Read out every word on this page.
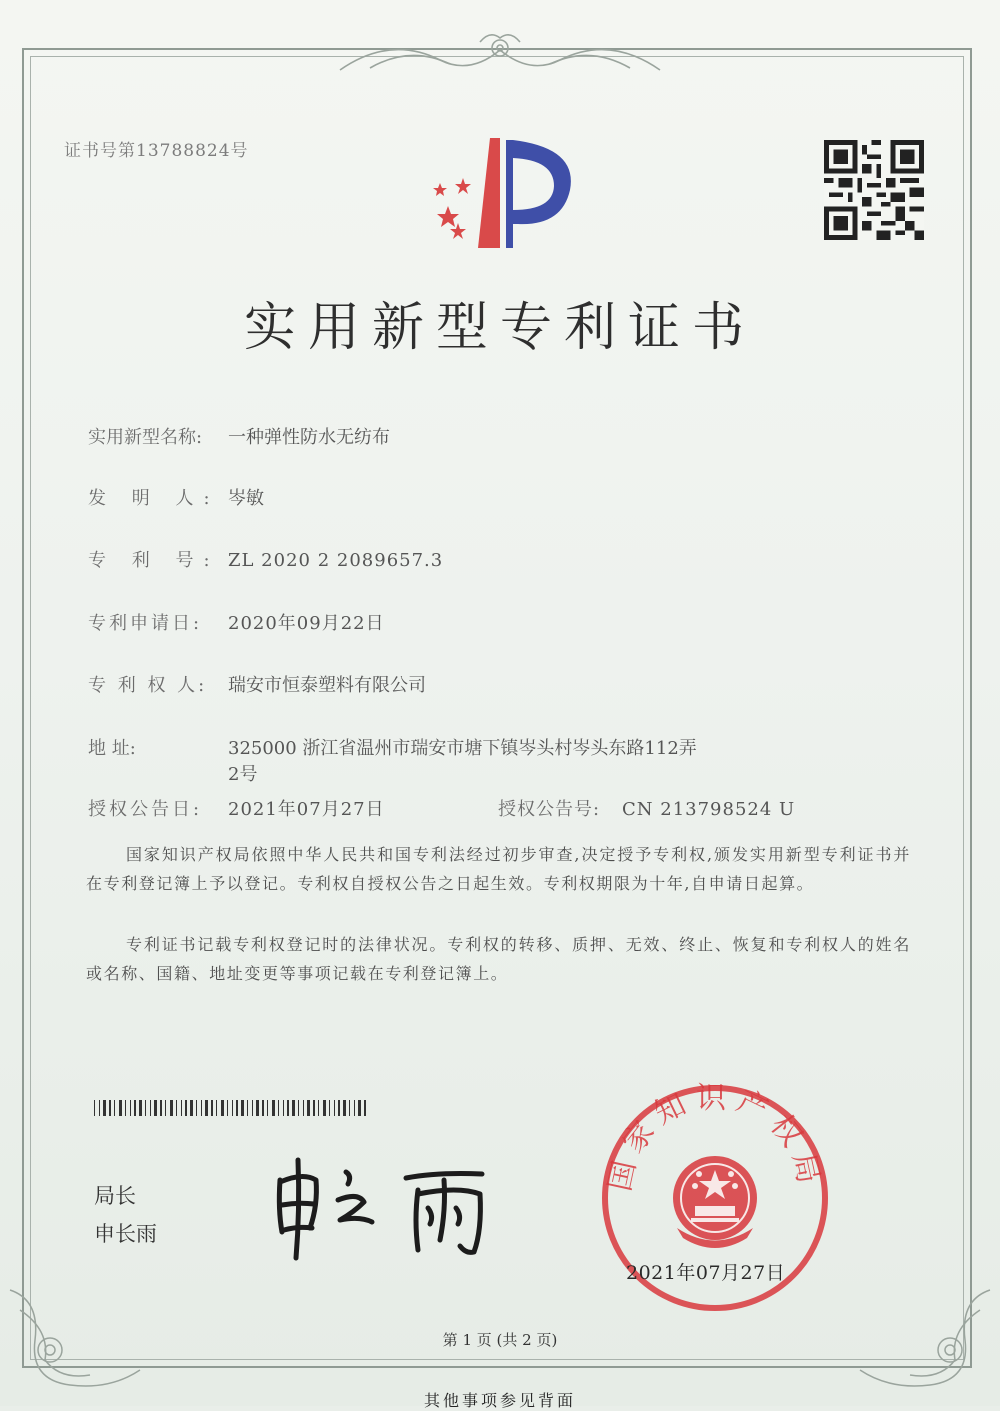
证书号第13788824号
实用新型专利证书
实用新型名称: 一种弹性防水无纺布
发 明 人: 岑敏
专 利 号: ZL 2020 2 2089657.3
专利申请日: 2020年09月22日
专 利 权 人: 瑞安市恒泰塑料有限公司
地 址:	325000 浙江省温州市瑞安市塘下镇岑头村岑头东路112弄
2号
授权公告日: 2021年07月27日	授权公告号: CN 213798524 U
国家知识产权局依照中华人民共和国专利法经过初步审查,决定授予专利权,颁发实用新型专利证书并在专利登记簿上予以登记。专利权自授权公告之日起生效。专利权期限为十年,自申请日起算。
专利证书记载专利权登记时的法律状况。专利权的转移、质押、无效、终止、恢复和专利权人的姓名或名称、国籍、地址变更等事项记载在专利登记簿上。
局长
申长雨
国家知识产权局
2021年07月27日
第 1 页 (共 2 页)
其他事项参见背面
